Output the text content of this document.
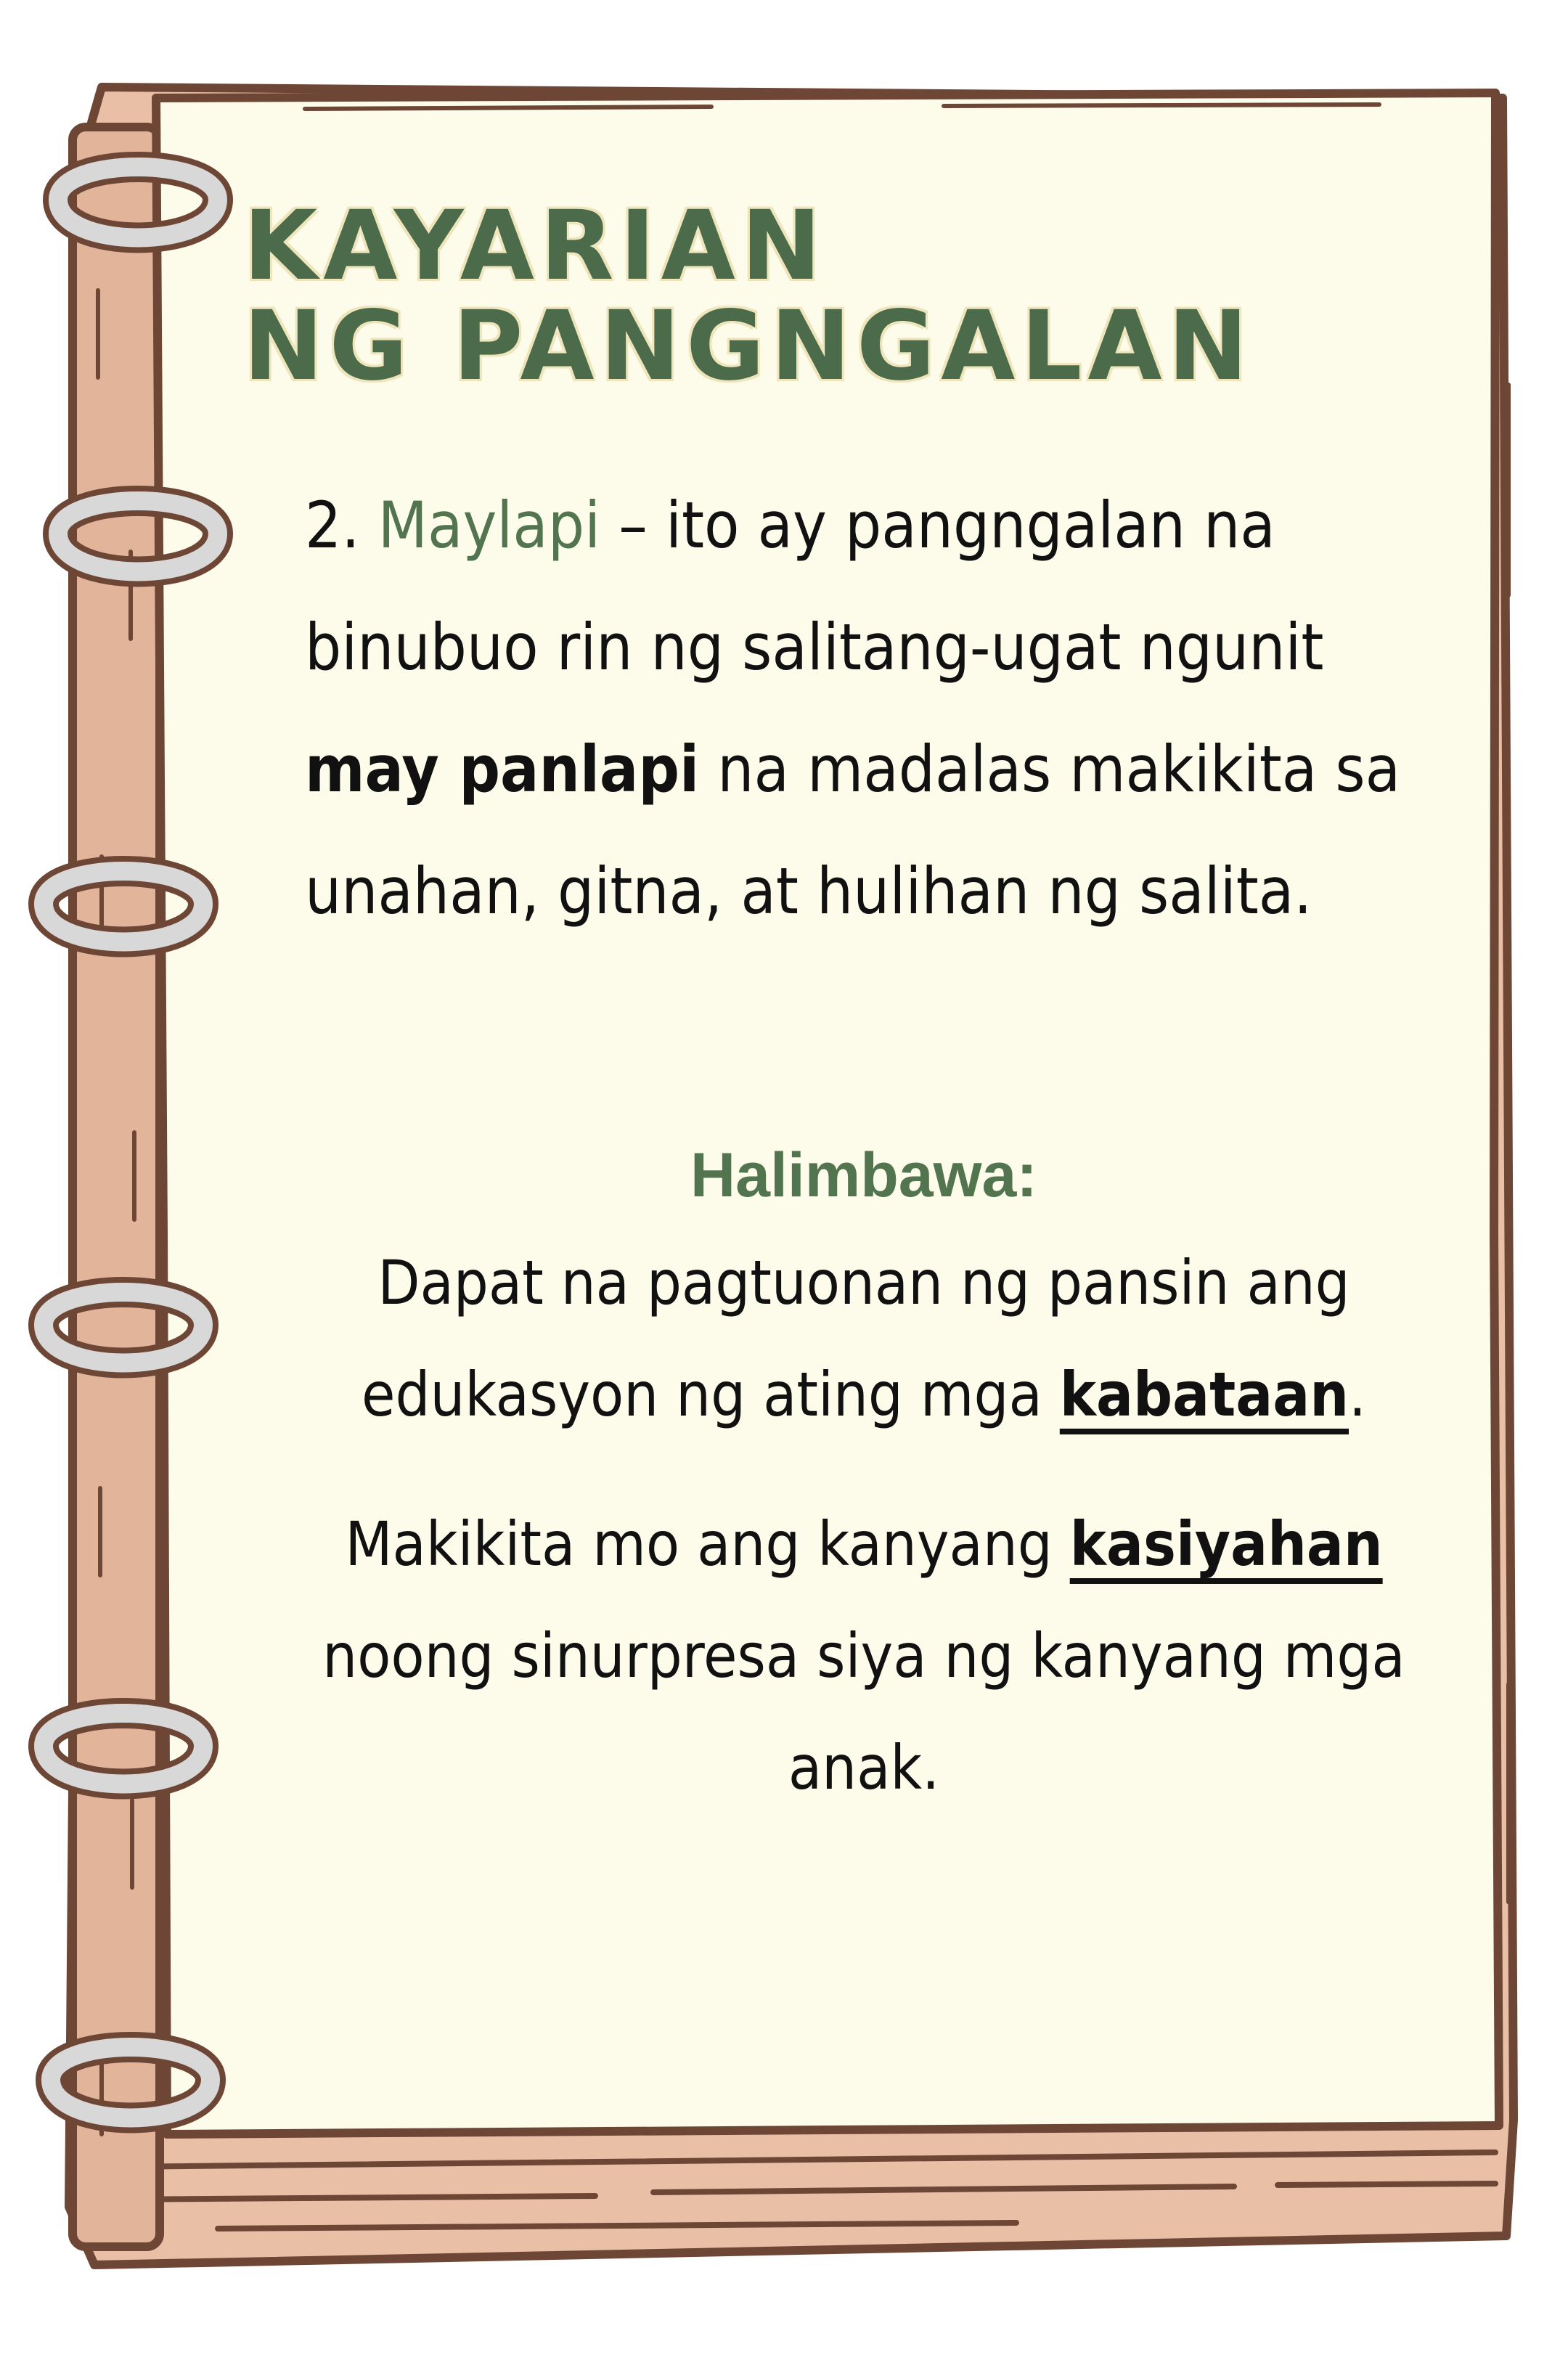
KAYARIAN
NG PANGNGALAN

2. Maylapi – ito ay pangngalan na binubuo rin ng salitang-ugat ngunit may panlapi na madalas makikita sa unahan, gitna, at hulihan ng salita.

Halimbawa:

Dapat na pagtuonan ng pansin ang edukasyon ng ating mga kabataan.

Makikita mo ang kanyang kasiyahan noong sinurpresa siya ng kanyang mga anak.
